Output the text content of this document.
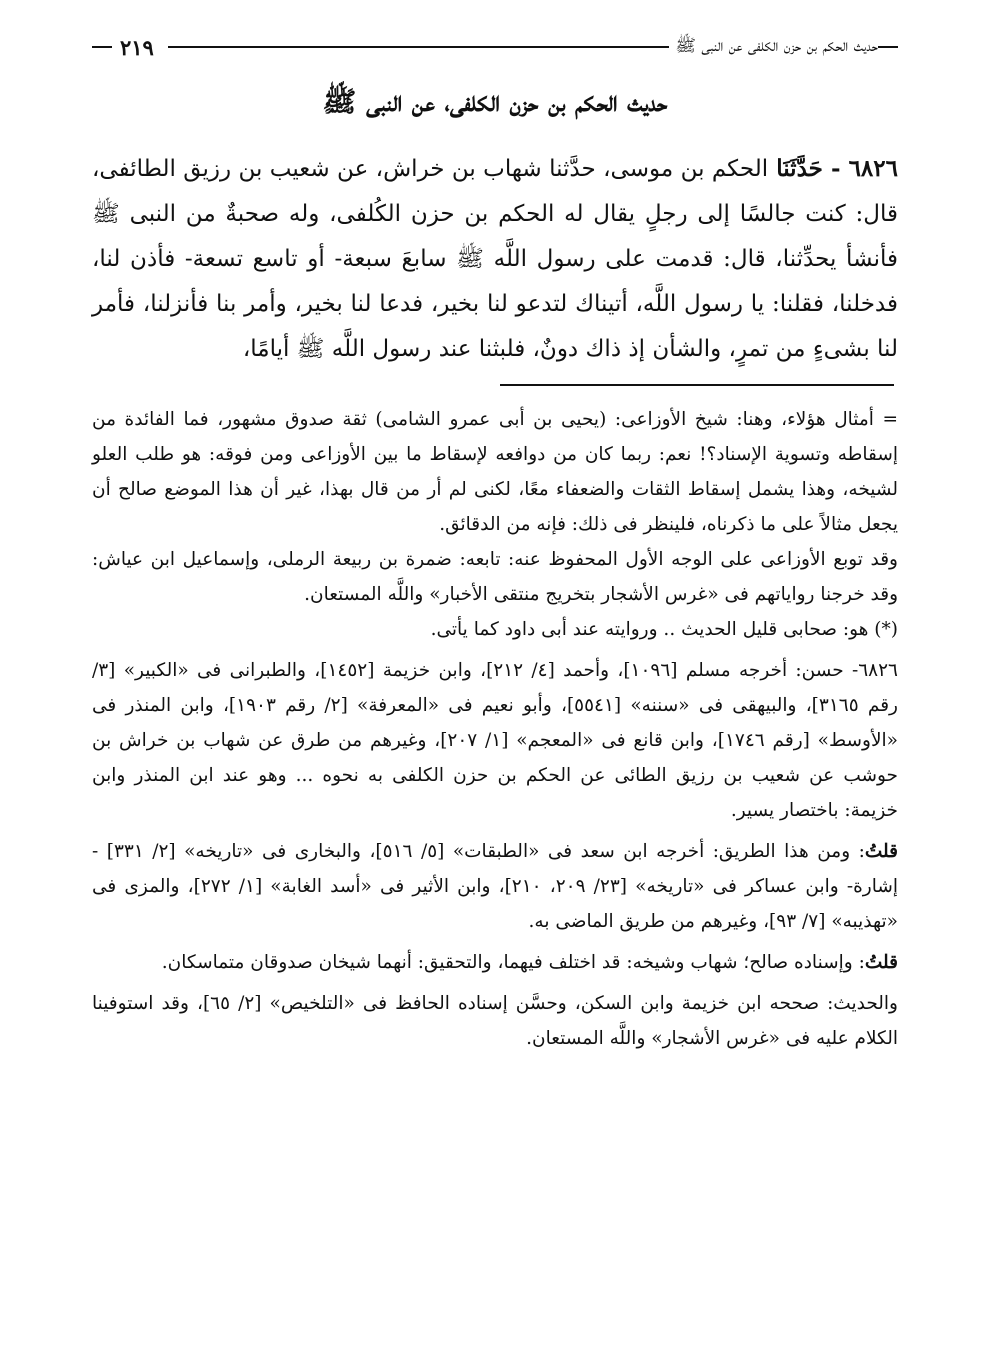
حديث الحكم بن حزن الكلفى عن النبى ﷺ
٢١٩
حديث الحكم بن حزن الكلفى، عن النبى ﷺ

٦٨٢٦ - حَدَّثَنَا الحكم بن موسى، حدَّثنا شهاب بن خراش، عن شعيب بن رزيق الطائفى، قال: كنت جالسًا إلى رجلٍ يقال له الحكم بن حزن الكُلفى، وله صحبةٌ من النبى ﷺ فأنشأ يحدِّثنا، قال: قدمت على رسول اللَّه ﷺ سابعَ سبعة- أو تاسع تسعة- فأذن لنا، فدخلنا، فقلنا: يا رسول اللَّه، أتيناك لتدعو لنا بخير، فدعا لنا بخير، وأمر بنا فأنزلنا، فأمر لنا بشىءٍ من تمرٍ، والشأن إذ ذاك دونٌ، فلبثنا عند رسول اللَّه ﷺ أيامًا،

= أمثال هؤلاء، وهنا: شيخ الأوزاعى: (يحيى بن أبى عمرو الشامى) ثقة صدوق مشهور، فما الفائدة من إسقاطه وتسوية الإسناد؟! نعم: ربما كان من دوافعه لإسقاط ما بين الأوزاعى ومن فوقه: هو طلب العلو لشيخه، وهذا يشمل إسقاط الثقات والضعفاء معًا، لكنى لم أر من قال بهذا، غير أن هذا الموضع صالح أن يجعل مثالاً على ما ذكرناه، فلينظر فى ذلك: فإنه من الدقائق.

وقد توبع الأوزاعى على الوجه الأول المحفوظ عنه: تابعه: ضمرة بن ربيعة الرملى، وإسماعيل ابن عياش: وقد خرجنا رواياتهم فى «غرس الأشجار بتخريج منتقى الأخبار» واللَّه المستعان.

(*) هو: صحابى قليل الحديث .. وروايته عند أبى داود كما يأتى.

٦٨٢٦- حسن: أخرجه مسلم [١٠٩٦]، وأحمد [٤/ ٢١٢]، وابن خزيمة [١٤٥٢]، والطبرانى فى «الكبير» [٣/ رقم ٣١٦٥]، والبيهقى فى «سننه» [٥٥٤١]، وأبو نعيم فى «المعرفة» [٢/ رقم ١٩٠٣]، وابن المنذر فى «الأوسط» [رقم ١٧٤٦]، وابن قانع فى «المعجم» [١/ ٢٠٧]، وغيرهم من طرق عن شهاب بن خراش بن حوشب عن شعيب بن رزيق الطائى عن الحكم بن حزن الكلفى به نحوه ... وهو عند ابن المنذر وابن خزيمة: باختصار يسير.

قلتُ: ومن هذا الطريق: أخرجه ابن سعد فى «الطبقات» [٥/ ٥١٦]، والبخارى فى «تاريخه» [٢/ ٣٣١] - إشارة- وابن عساكر فى «تاريخه» [٢٣/ ٢٠٩، ٢١٠]، وابن الأثير فى «أسد الغابة» [١/ ٢٧٢]، والمزى فى «تهذيبه» [٧/ ٩٣]، وغيرهم من طريق الماضى به.

قلتُ: وإسناده صالح؛ شهاب وشيخه: قد اختلف فيهما، والتحقيق: أنهما شيخان صدوقان متماسكان.

والحديث: صححه ابن خزيمة وابن السكن، وحسَّن إسناده الحافظ فى «التلخيص» [٢/ ٦٥]، وقد استوفينا الكلام عليه فى «غرس الأشجار» واللَّه المستعان.
